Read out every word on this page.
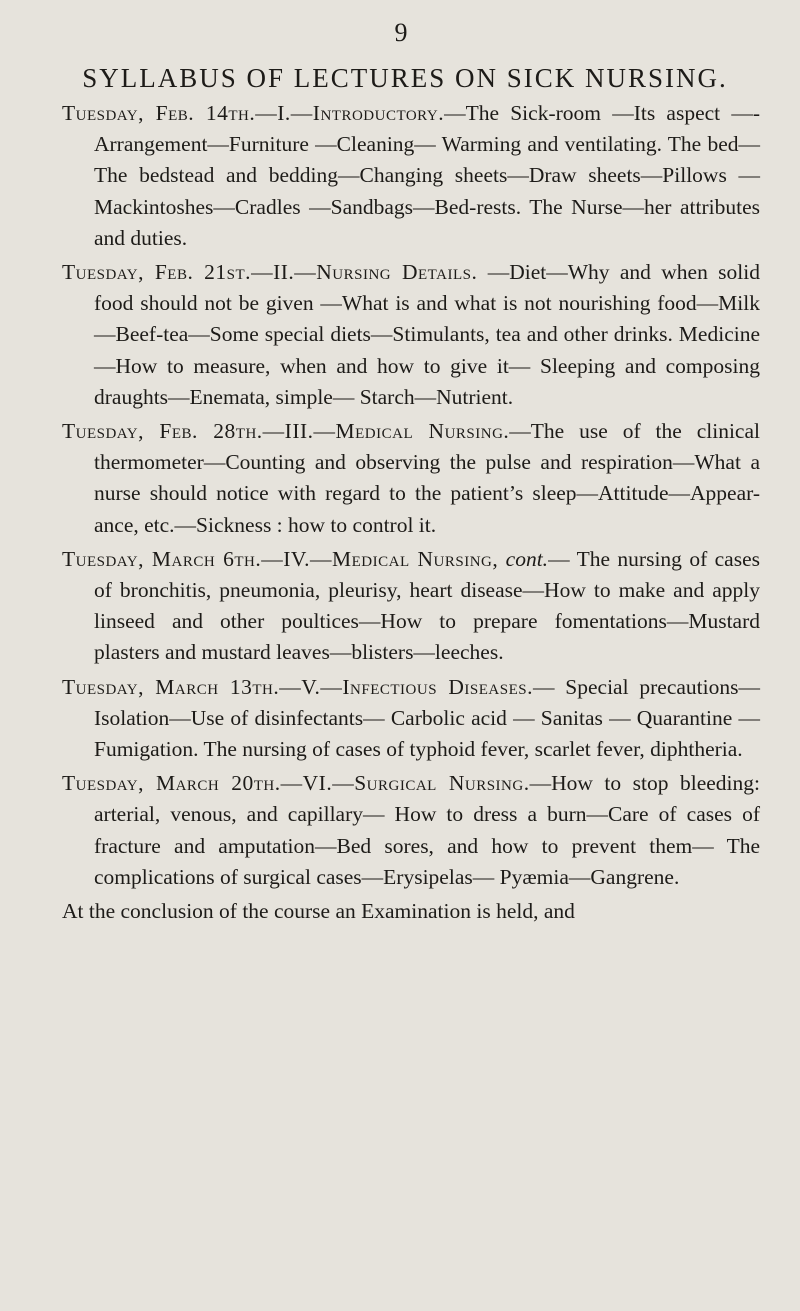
9
SYLLABUS OF LECTURES ON SICK NURSING.
Tuesday, Feb. 14th.—I.—Introductory.—The Sick-room —Its aspect —- Arrangement—Furniture —Cleaning— Warming and ventilating. The bed—The bedstead and bedding—Changing sheets—Draw sheets—Pillows —Mackintoshes—Cradles —Sandbags—Bed-rests. The Nurse—her attributes and duties.
Tuesday, Feb. 21st.—II.—Nursing Details. —Diet—Why and when solid food should not be given —What is and what is not nourishing food—Milk—Beef-tea—Some special diets—Stimulants, tea and other drinks. Medicine—How to measure, when and how to give it— Sleeping and composing draughts—Enemata, simple— Starch—Nutrient.
Tuesday, Feb. 28th.—III.—Medical Nursing.—The use of the clinical thermometer—Counting and observing the pulse and respiration—What a nurse should notice with regard to the patient’s sleep—Attitude—Appear- ance, etc.—Sickness : how to control it.
Tuesday, March 6th.—IV.—Medical Nursing, cont.— The nursing of cases of bronchitis, pneumonia, pleurisy, heart disease—How to make and apply linseed and other poultices—How to prepare fomentations—Mustard plasters and mustard leaves—blisters—leeches.
Tuesday, March 13th.—V.—Infectious Diseases.— Special precautions—Isolation—Use of disinfectants— Carbolic acid — Sanitas — Quarantine — Fumigation. The nursing of cases of typhoid fever, scarlet fever, diphtheria.
Tuesday, March 20th.—VI.—Surgical Nursing.—How to stop bleeding: arterial, venous, and capillary— How to dress a burn—Care of cases of fracture and amputation—Bed sores, and how to prevent them— The complications of surgical cases—Erysipelas— Pyæmia—Gangrene.
At the conclusion of the course an Examination is held, and
